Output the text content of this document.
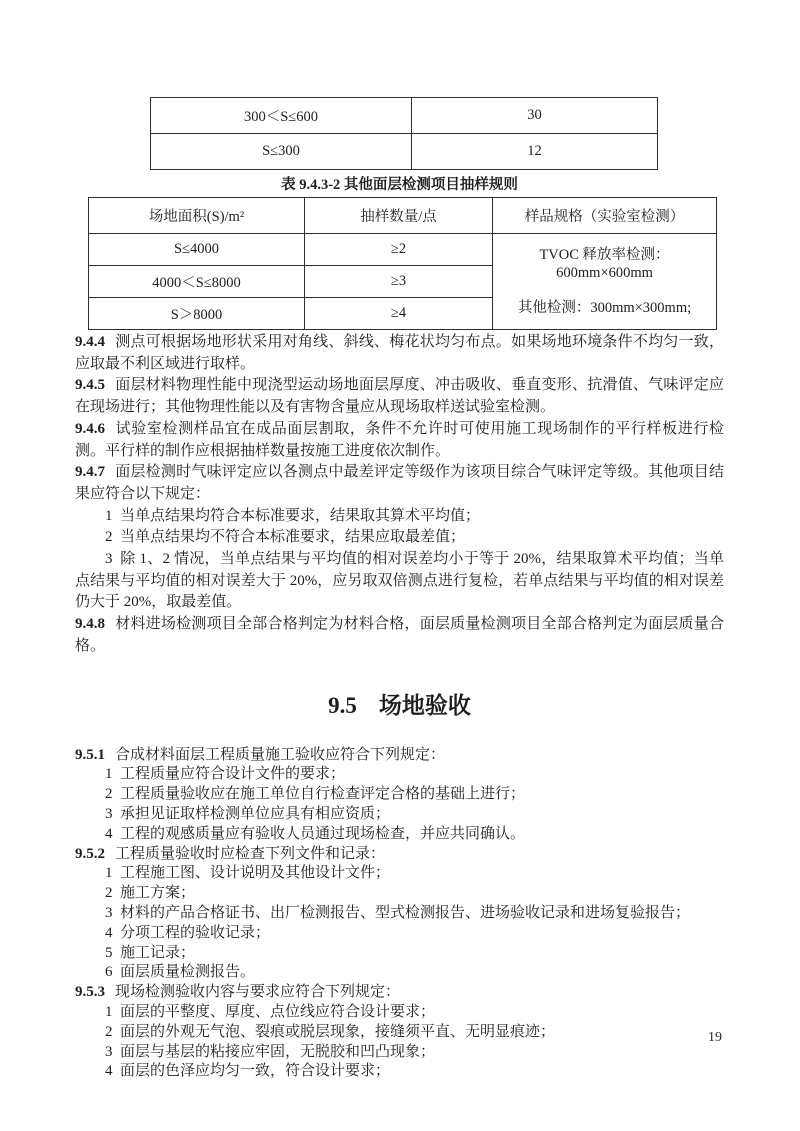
300＜S≤600	30
S≤300	12
表 9.4.3-2 其他面层检测项目抽样规则
场地面积(S)/m²	抽样数量/点	样品规格（实验室检测）
S≤4000	≥2	TVOC 释放率检测：600mm×600mm
其他检测：300mm×300mm;

4000＜S≤8000	≥3	
S＞8000	≥4	

9.4.4 测点可根据场地形状采用对角线、斜线、梅花状均匀布点。如果场地环境条件不均匀一致，应取最不利区域进行取样。

9.4.5 面层材料物理性能中现浇型运动场地面层厚度、冲击吸收、垂直变形、抗滑值、气味评定应在现场进行；其他物理性能以及有害物含量应从现场取样送试验室检测。

9.4.6 试验室检测样品宜在成品面层割取，条件不允许时可使用施工现场制作的平行样板进行检测。平行样的制作应根据抽样数量按施工进度依次制作。

9.4.7 面层检测时气味评定应以各测点中最差评定等级作为该项目综合气味评定等级。其他项目结果应符合以下规定：

1 当单点结果均符合本标准要求，结果取其算术平均值；

2 当单点结果均不符合本标准要求，结果应取最差值；

3 除 1、2 情况，当单点结果与平均值的相对误差均小于等于 20%，结果取算术平均值；当单点结果与平均值的相对误差大于 20%，应另取双倍测点进行复检，若单点结果与平均值的相对误差仍大于 20%，取最差值。

9.4.8 材料进场检测项目全部合格判定为材料合格，面层质量检测项目全部合格判定为面层质量合格。

9.5 场地验收

9.5.1 合成材料面层工程质量施工验收应符合下列规定：

1 工程质量应符合设计文件的要求；

2 工程质量验收应在施工单位自行检查评定合格的基础上进行；

3 承担见证取样检测单位应具有相应资质；

4 工程的观感质量应有验收人员通过现场检查，并应共同确认。

9.5.2 工程质量验收时应检查下列文件和记录：

1 工程施工图、设计说明及其他设计文件；

2 施工方案；

3 材料的产品合格证书、出厂检测报告、型式检测报告、进场验收记录和进场复验报告；

4 分项工程的验收记录；

5 施工记录；

6 面层质量检测报告。

9.5.3 现场检测验收内容与要求应符合下列规定：

1 面层的平整度、厚度、点位线应符合设计要求；

2 面层的外观无气泡、裂痕或脱层现象，接缝须平直、无明显痕迹；

3 面层与基层的粘接应牢固，无脱胶和凹凸现象；

4 面层的色泽应均匀一致，符合设计要求；

19
